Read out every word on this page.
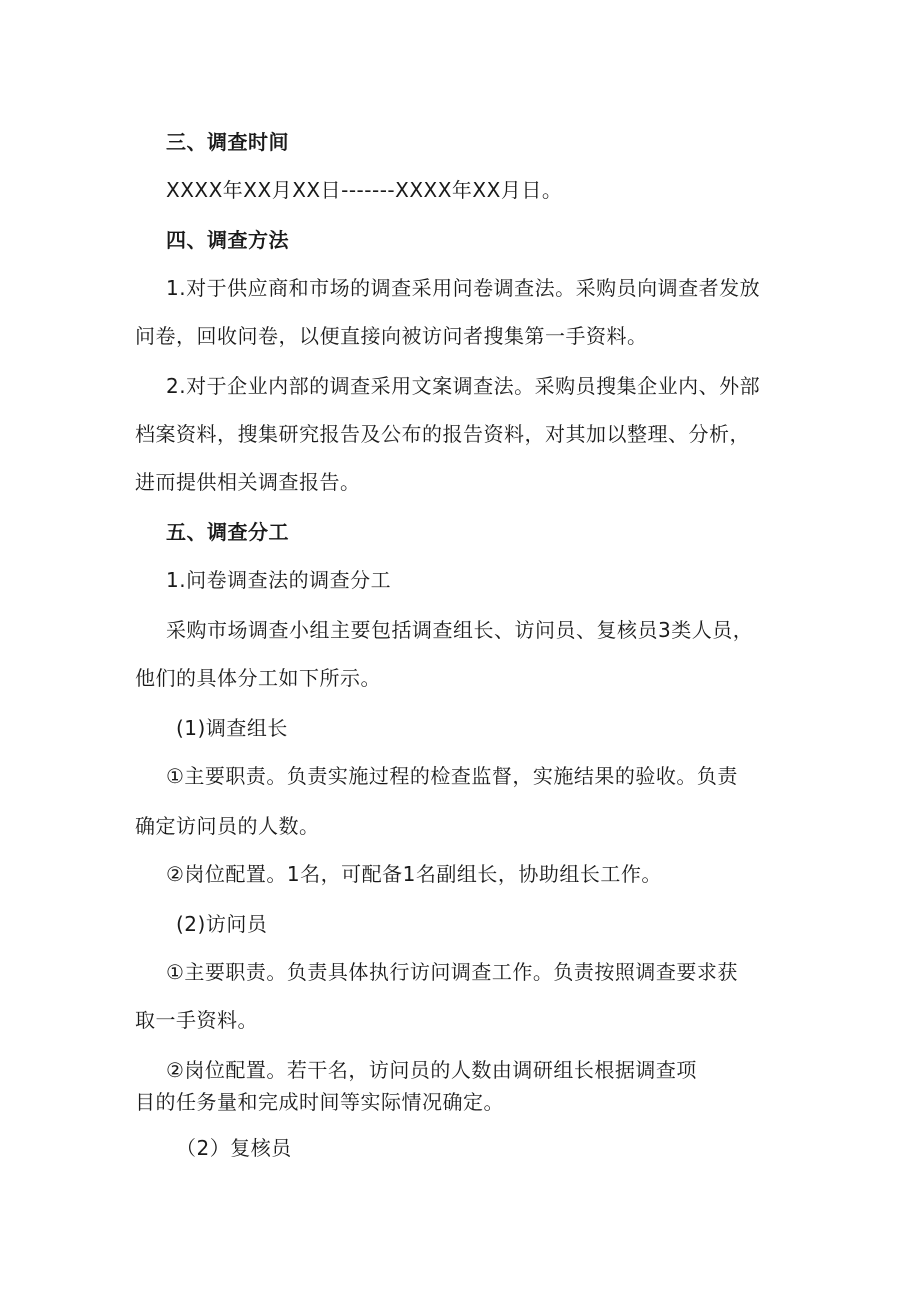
三、调查时间
XXXX年XX月XX日-------XXXX年XX月日。
四、调查方法
1.对于供应商和市场的调查采用问卷调查法。采购员向调查者发放
问卷，回收问卷，以便直接向被访问者搜集第一手资料。
2.对于企业内部的调查采用文案调查法。采购员搜集企业内、外部
档案资料，搜集研究报告及公布的报告资料，对其加以整理、分析，
进而提供相关调查报告。
五、调查分工
1.问卷调查法的调查分工
采购市场调查小组主要包括调查组长、访问员、复核员3类人员，
他们的具体分工如下所示。
(1)调查组长
①主要职责。负责实施过程的检查监督，实施结果的验收。负责
确定访问员的人数。
②岗位配置。1名，可配备1名副组长，协助组长工作。
(2)访问员
①主要职责。负责具体执行访问调查工作。负责按照调查要求获
取一手资料。
②岗位配置。若干名，访问员的人数由调研组长根据调查项
目的任务量和完成时间等实际情况确定。
（2）复核员
